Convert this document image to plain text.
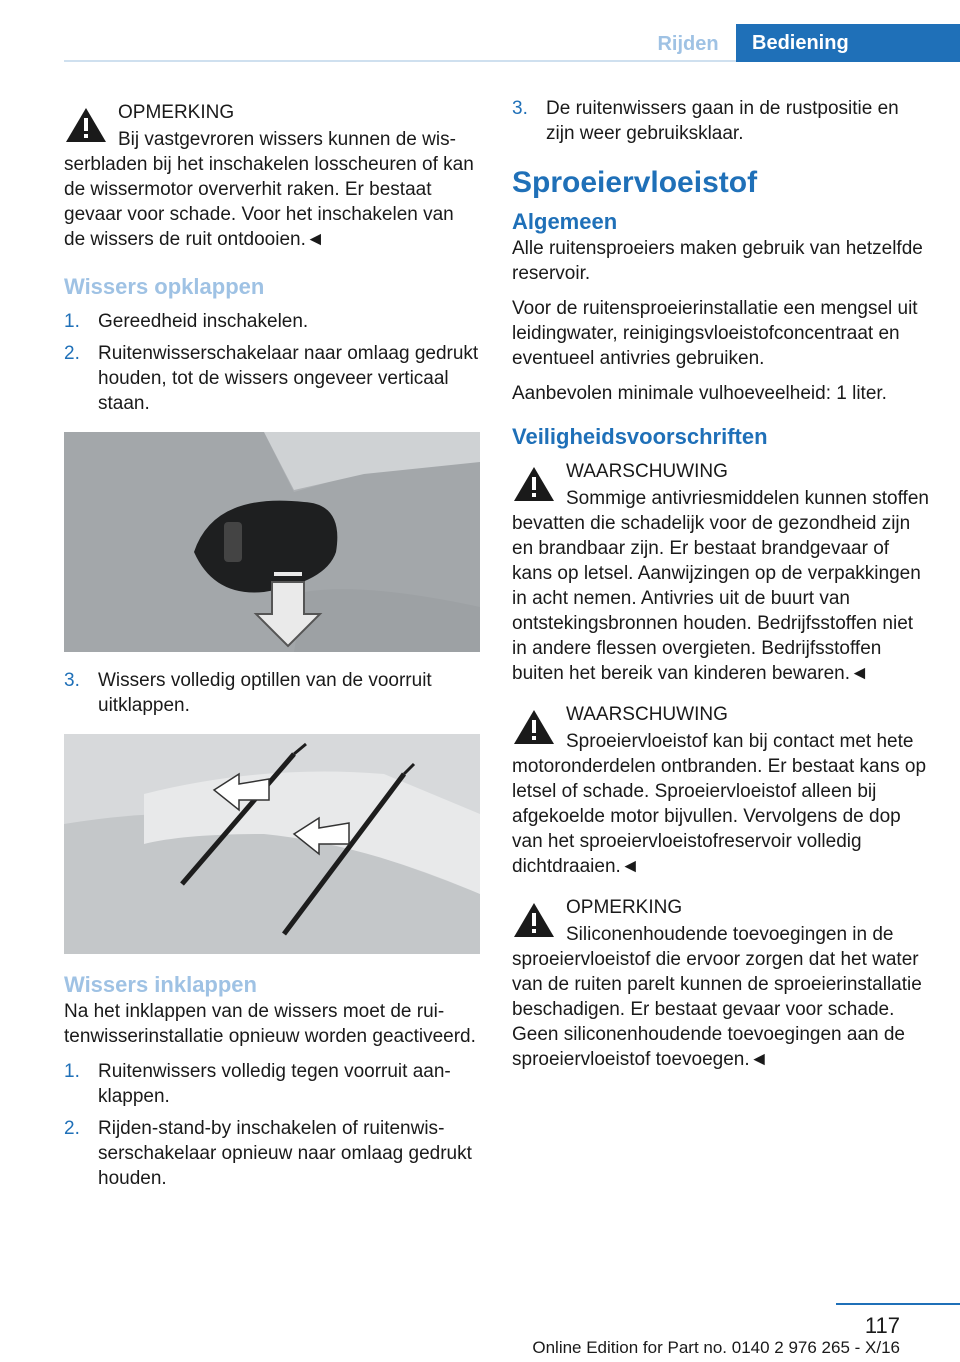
Rijden	Bediening
OPMERKING
Bij vastgevroren wissers kunnen de wisserbladen bij het inschakelen losscheuren of kan de wissermotor oververhit raken. Er bestaat gevaar voor schade. Voor het inschakelen van de wissers de ruit ontdooien.◄
Wissers opklappen
1. Gereedheid inschakelen.
2. Ruitenwisserschakelaar naar omlaag gedrukt houden, tot de wissers ongeveer verticaal staan.
3. Wissers volledig optillen van de voorruit uitklappen.
Wissers inklappen

Na het inklappen van de wissers moet de ruitenwisserinstallatie opnieuw worden geactiveerd.

1. Ruitenwissers volledig tegen voorruit aanklappen.
2. Rijden-stand-by inschakelen of ruitenwisserschakelaar opnieuw naar omlaag gedrukt houden.
3. De ruitenwissers gaan in de rustpositie en zijn weer gebruiksklaar.
Sproeiervloeistof
Algemeen

Alle ruitensproeiers maken gebruik van hetzelfde reservoir.

Voor de ruitensproeierinstallatie een mengsel uit leidingwater, reinigingsvloeistofconcentraat en eventueel antivries gebruiken.

Aanbevolen minimale vulhoeveelheid: 1 liter.

Veiligheidsvoorschriften
WAARSCHUWING
Sommige antivriesmiddelen kunnen stoffen bevatten die schadelijk voor de gezondheid zijn en brandbaar zijn. Er bestaat brandgevaar of kans op letsel. Aanwijzingen op de verpakkingen in acht nemen. Antivries uit de buurt van ontstekingsbronnen houden. Bedrijfsstoffen niet in andere flessen overgieten. Bedrijfsstoffen buiten het bereik van kinderen bewaren.◄
WAARSCHUWING
Sproeiervloeistof kan bij contact met hete motoronderdelen ontbranden. Er bestaat kans op letsel of schade. Sproeiervloeistof alleen bij afgekoelde motor bijvullen. Vervolgens de dop van het sproeiervloeistofreservoir volledig dichtdraaien.◄
OPMERKING
Siliconenhoudende toevoegingen in de sproeiervloeistof die ervoor zorgen dat het water van de ruiten parelt kunnen de sproeierinstallatie beschadigen. Er bestaat gevaar voor schade. Geen siliconenhoudende toevoegingen aan de sproeiervloeistof toevoegen.◄
117
Online Edition for Part no. 0140 2 976 265 - X/16
